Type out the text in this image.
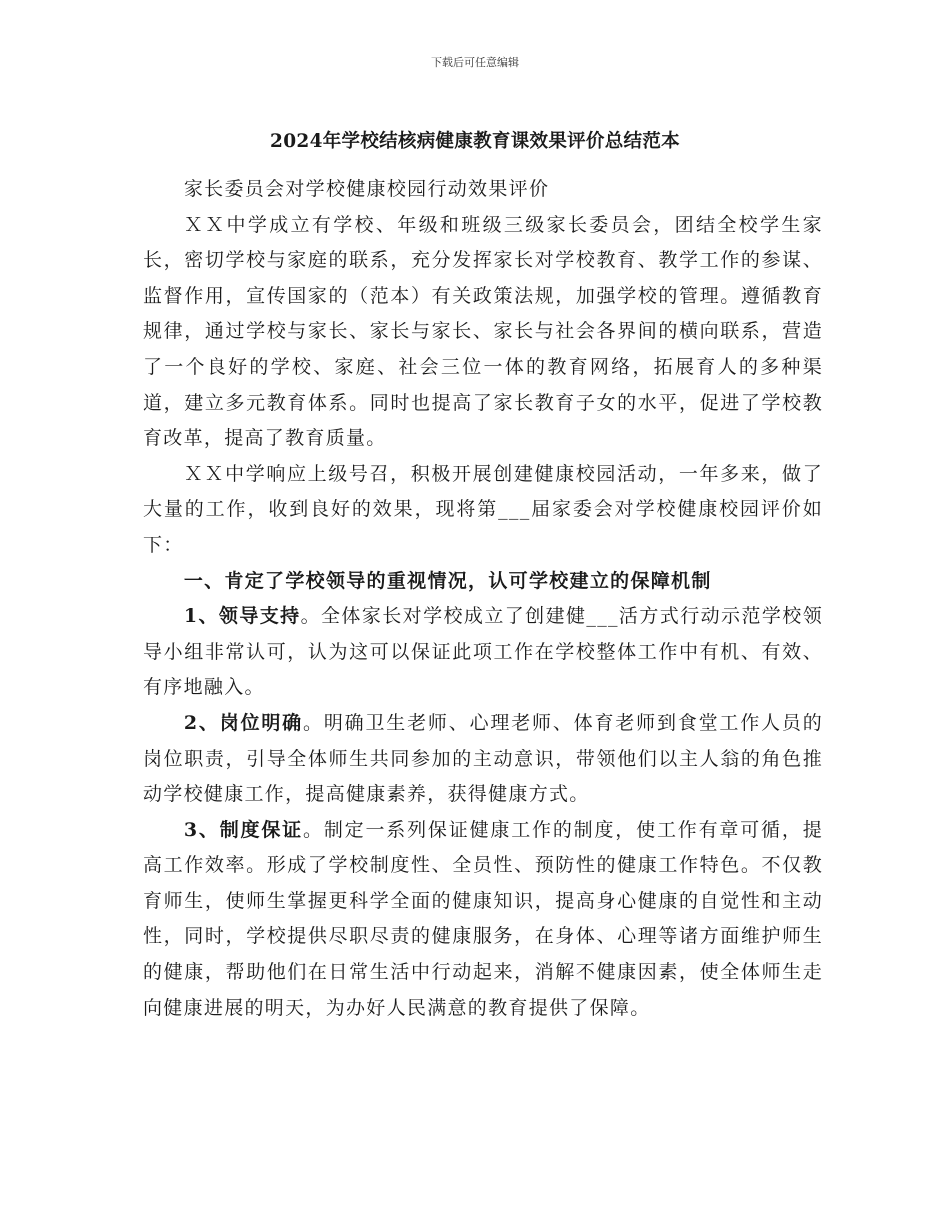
下载后可任意编辑
2024年学校结核病健康教育课效果评价总结范本

家长委员会对学校健康校园行动效果评价

ＸＸ中学成立有学校、年级和班级三级家长委员会，团结全校学生家长，密切学校与家庭的联系，充分发挥家长对学校教育、教学工作的参谋、监督作用，宣传国家的（范本）有关政策法规，加强学校的管理。遵循教育规律，通过学校与家长、家长与家长、家长与社会各界间的横向联系，营造了一个良好的学校、家庭、社会三位一体的教育网络，拓展育人的多种渠道，建立多元教育体系。同时也提高了家长教育子女的水平，促进了学校教育改革，提高了教育质量。

ＸＸ中学响应上级号召，积极开展创建健康校园活动，一年多来，做了大量的工作，收到良好的效果，现将第___届家委会对学校健康校园评价如下：

一、肯定了学校领导的重视情况，认可学校建立的保障机制

1、领导支持。全体家长对学校成立了创建健___活方式行动示范学校领导小组非常认可，认为这可以保证此项工作在学校整体工作中有机、有效、有序地融入。

2、岗位明确。明确卫生老师、心理老师、体育老师到食堂工作人员的岗位职责，引导全体师生共同参加的主动意识，带领他们以主人翁的角色推动学校健康工作，提高健康素养，获得健康方式。

3、制度保证。制定一系列保证健康工作的制度，使工作有章可循，提高工作效率。形成了学校制度性、全员性、预防性的健康工作特色。不仅教育师生，使师生掌握更科学全面的健康知识，提高身心健康的自觉性和主动性，同时，学校提供尽职尽责的健康服务，在身体、心理等诸方面维护师生的健康，帮助他们在日常生活中行动起来，消解不健康因素，使全体师生走向健康进展的明天，为办好人民满意的教育提供了保障。
